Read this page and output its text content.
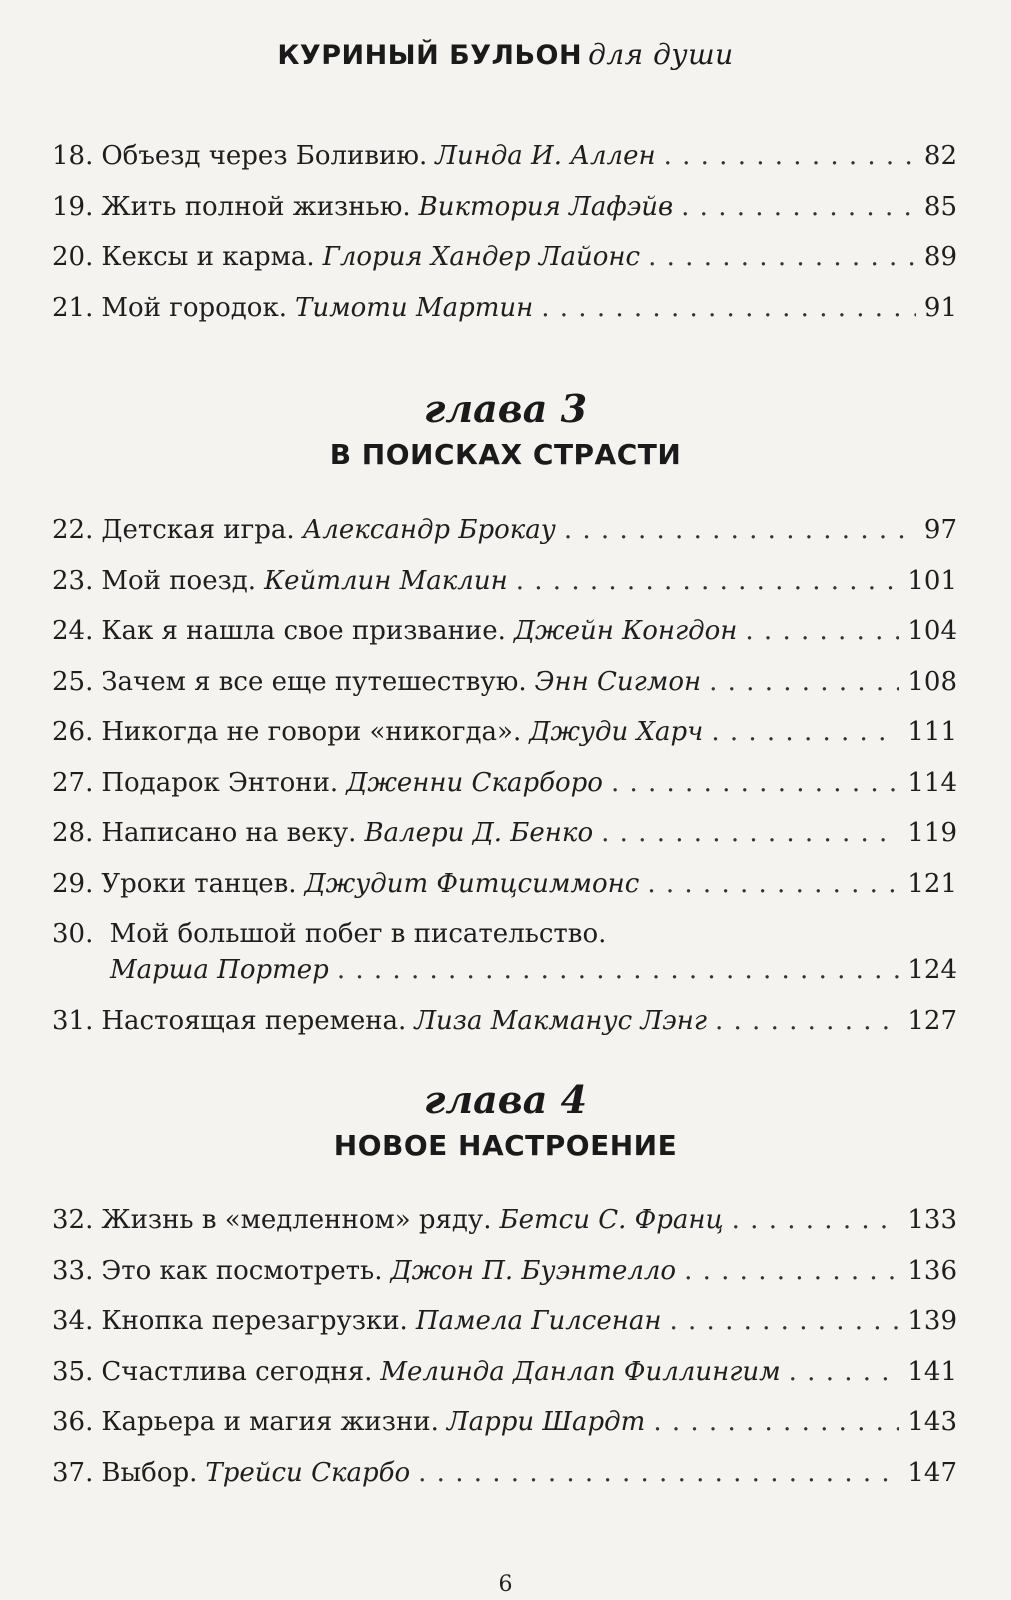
КУРИНЫЙ БУЛЬОН для души
18. Объезд через Боливию. Линда И. Аллен . . .	82
19. Жить полной жизнью. Виктория Лафэйв . . .	85
20. Кексы и карма. Глория Хандер Лайонс . . .	89
21. Мой городок. Тимоти Мартин . . .	91
глава 3
В ПОИСКАХ СТРАСТИ
22. Детская игра. Александр Брокау . . .	97
23. Мой поезд. Кейтлин Маклин . . .	101
24. Как я нашла свое призвание. Джейн Конгдон . . .	104
25. Зачем я все еще путешествую. Энн Сигмон . . .	108
26. Никогда не говори «никогда». Джуди Харч . . .	111
27. Подарок Энтони. Дженни Скарборо . . .	114
28. Написано на веку. Валери Д. Бенко . . .	119
29. Уроки танцев. Джудит Фитцсиммонс . . .	121
30. Мой большой побег в писательство.
Марша Портер . . .	124
31. Настоящая перемена. Лиза Макманус Лэнг . . .	127
глава 4
НОВОЕ НАСТРОЕНИЕ
32. Жизнь в «медленном» ряду. Бетси С. Франц . . .	133
33. Это как посмотреть. Джон П. Буэнтелло . . .	136
34. Кнопка перезагрузки. Памела Гилсенан . . .	139
35. Счастлива сегодня. Мелинда Данлап Филлингим . . .	141
36. Карьера и магия жизни. Ларри Шардт . . .	143
37. Выбор. Трейси Скарбо . . .	147
6
